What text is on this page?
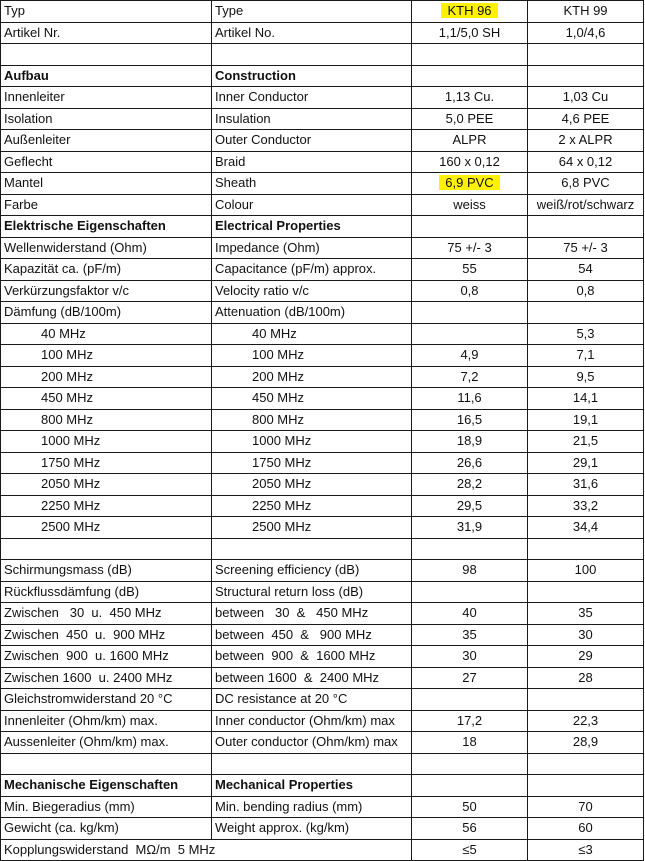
Typ	Type	KTH 96	KTH 99
Artikel Nr.	Artikel No.	1,1/5,0 SH	1,0/4,6

Aufbau	Construction		
Innenleiter	Inner Conductor	1,13 Cu.	1,03 Cu
Isolation	Insulation	5,0 PEE	4,6 PEE
Außenleiter	Outer Conductor	ALPR	2 x ALPR
Geflecht	Braid	160 x 0,12	64 x 0,12
Mantel	Sheath	6,9 PVC	6,8 PVC
Farbe	Colour	weiss	weiß/rot/schwarz
Elektrische Eigenschaften	Electrical Properties		
Wellenwiderstand (Ohm)	Impedance (Ohm)	75 +/- 3	75 +/- 3
Kapazität ca. (pF/m)	Capacitance (pF/m) approx.	55	54
Verkürzungsfaktor v/c	Velocity ratio v/c	0,8	0,8
Dämfung (dB/100m)	Attenuation (dB/100m)		
40 MHz	40 MHz		5,3
100 MHz	100 MHz	4,9	7,1
200 MHz	200 MHz	7,2	9,5
450 MHz	450 MHz	11,6	14,1
800 MHz	800 MHz	16,5	19,1
1000 MHz	1000 MHz	18,9	21,5
1750 MHz	1750 MHz	26,6	29,1
2050 MHz	2050 MHz	28,2	31,6
2250 MHz	2250 MHz	29,5	33,2
2500 MHz	2500 MHz	31,9	34,4

Schirmungsmass (dB)	Screening efficiency (dB)	98	100
Rückflussdämfung (dB)	Structural return loss (dB)		
Zwischen   30  u.  450 MHz	between   30  &   450 MHz	40	35
Zwischen  450  u.  900 MHz	between  450  &   900 MHz	35	30
Zwischen  900  u. 1600 MHz	between  900  &  1600 MHz	30	29
Zwischen 1600  u. 2400 MHz	between 1600  &  2400 MHz	27	28
Gleichstromwiderstand 20 °C	DC resistance at 20 °C		
Innenleiter (Ohm/km) max.	Inner conductor (Ohm/km) max	17,2	22,3
Aussenleiter (Ohm/km) max.	Outer conductor (Ohm/km) max	18	28,9

Mechanische Eigenschaften	Mechanical Properties		
Min. Biegeradius (mm)	Min. bending radius (mm)	50	70
Gewicht (ca. kg/km)	Weight approx. (kg/km)	56	60
Kopplungswiderstand  MΩ/m  5 MHz		≤5	≤3
